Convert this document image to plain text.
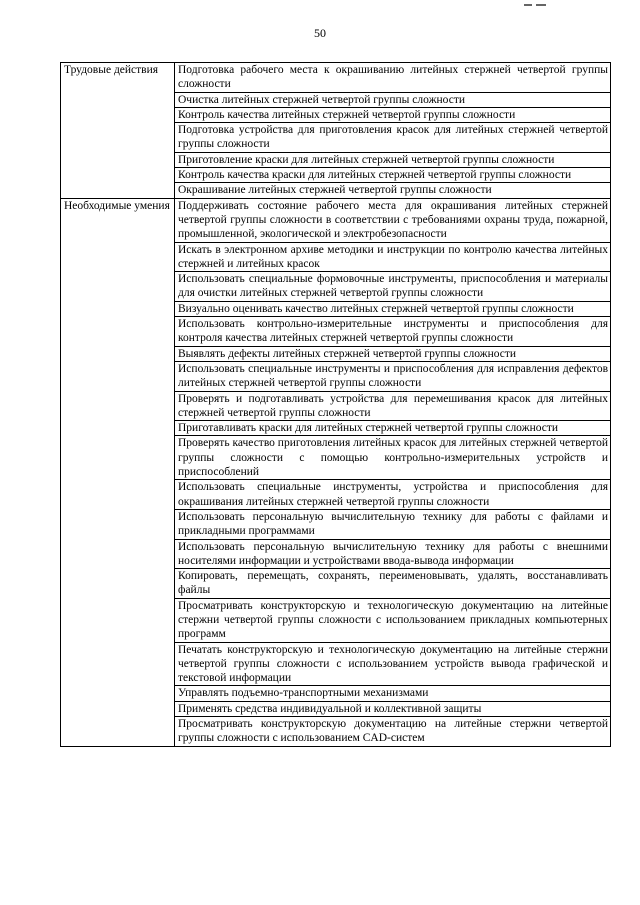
50
Трудовые действия	Подготовка рабочего места к окрашиванию литейных стержней четвертой группы сложности
	Очистка литейных стержней четвертой группы сложности
	Контроль качества литейных стержней четвертой группы сложности
	Подготовка устройства для приготовления красок для литейных стержней четвертой группы сложности
	Приготовление краски для литейных стержней четвертой группы сложности
	Контроль качества краски для литейных стержней четвертой группы сложности
	Окрашивание литейных стержней четвертой группы сложности
Необходимые умения	Поддерживать состояние рабочего места для окрашивания литейных стержней четвертой группы сложности в соответствии с требованиями охраны труда, пожарной, промышленной, экологической и электробезопасности
	Искать в электронном архиве методики и инструкции по контролю качества литейных стержней и литейных красок
	Использовать специальные формовочные инструменты, приспособления и материалы для очистки литейных стержней четвертой группы сложности
	Визуально оценивать качество литейных стержней четвертой группы сложности
	Использовать контрольно-измерительные инструменты и приспособления для контроля качества литейных стержней четвертой группы сложности
	Выявлять дефекты литейных стержней четвертой группы сложности
	Использовать специальные инструменты и приспособления для исправления дефектов литейных стержней четвертой группы сложности
	Проверять и подготавливать устройства для перемешивания красок для литейных стержней четвертой группы сложности
	Приготавливать краски для литейных стержней четвертой группы сложности
	Проверять качество приготовления литейных красок для литейных стержней четвертой группы сложности с помощью контрольно-измерительных устройств и приспособлений
	Использовать специальные инструменты, устройства и приспособления для окрашивания литейных стержней четвертой группы сложности
	Использовать персональную вычислительную технику для работы с файлами и прикладными программами
	Использовать персональную вычислительную технику для работы с внешними носителями информации и устройствами ввода-вывода информации
	Копировать, перемещать, сохранять, переименовывать, удалять, восстанавливать файлы
	Просматривать конструкторскую и технологическую документацию на литейные стержни четвертой группы сложности с использованием прикладных компьютерных программ
	Печатать конструкторскую и технологическую документацию на литейные стержни четвертой группы сложности с использованием устройств вывода графической и текстовой информации
	Управлять подъемно-транспортными механизмами
	Применять средства индивидуальной и коллективной защиты
	Просматривать конструкторскую документацию на литейные стержни четвертой группы сложности с использованием CAD-систем
